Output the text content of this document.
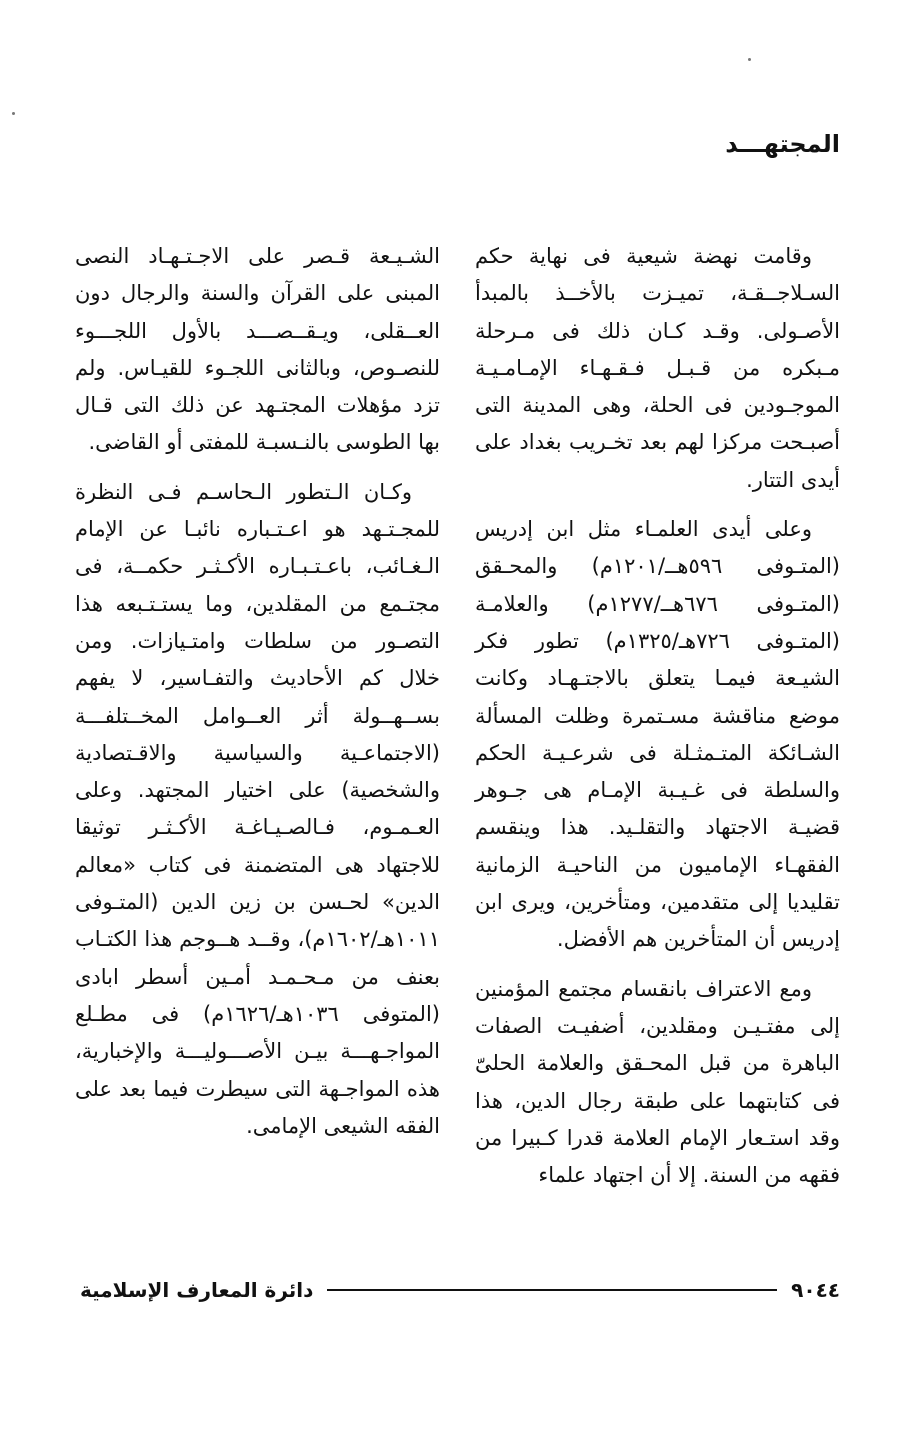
المجتهـــد

وقامت نهضة شيعية فى نهاية حكم السـلاجــقـة، تميـزت بالأخــذ بالمبدأ الأصـولى. وقـد كـان ذلك فى مـرحلة مـبكره من قـبـل فـقـهـاء الإمـامـيـة الموجـودين فى الحلة، وهى المدينة التى أصبـحت مركزا لهم بعد تخـريب بغداد على أيدى التتار.

وعلى أيدى العلمـاء مثل ابن إدريس (المتـوفى ٥٩٦هــ/١٢٠١م) والمحـقق (المتـوفى ٦٧٦هــ/١٢٧٧م) والعلامـة (المتـوفى ٧٢٦هـ/١٣٢٥م) تطور فكر الشيـعة فيمـا يتعلق بالاجتـهـاد وكانت موضع مناقشة مسـتمرة وظلت المسألة الشـائكة المتـمثـلة فى شرعـيـة الحكم والسلطة فى غـيـبة الإمـام هى جـوهر قضيـة الاجتهاد والتقلـيد. هذا وينقسم الفقهـاء الإماميون من الناحيـة الزمانية تقليديا إلى متقدمين، ومتأخرين، ويرى ابن إدريس أن المتأخرين هم الأفضل.

ومع الاعتراف بانقسام مجتمع المؤمنين إلى مفتـيـن ومقلدين، أضفيـت الصفات الباهرة من قبل المحـقق والعلامة الحلىّ فى كتابتهما على طبقة رجال الدين، هذا وقد استـعار الإمام العلامة قدرا كـبيرا من فقهه من السنة. إلا أن اجتهاد علماء

الشـيـعة قـصر على الاجـتـهـاد النصى المبنى على القرآن والسنة والرجال دون العــقلى، ويـقــصـــد بالأول اللجـــوء للنصـوص، وبالثانى اللجـوء للقيـاس. ولم تزد مؤهلات المجتـهد عن ذلك التى قـال بها الطوسى بالنـسبـة للمفتى أو القاضى.

وكـان الـتطور الـحاسـم فـى النظرة للمجـتـهد هو اعـتـباره نائبـا عن الإمام الـغـائب، باعـتـبـاره الأكـثـر حكمــة، فى مجتـمع من المقلدين، وما يستـتـبعه هذا التصـور من سلطات وامتـيازات. ومن خلال كم الأحاديث والتفـاسير، لا يفهم بســهــولة أثر العــوامل المخــتلفـــة (الاجتماعـية والسياسية والاقـتصادية والشخصية) على اختيار المجتهد. وعلى العـمـوم، فـالصـيـاغـة الأكـثـر توثيقا للاجتهاد هى المتضمنة فى كتاب «معالم الدين» لحـسن بن زين الدين (المتـوفى ١٠١١هـ/١٦٠٢م)، وقــد هــوجم هذا الكتـاب بعنف من مـحـمـد أمـين أسطر ابادى (المتوفى ١٠٣٦هـ/١٦٢٦م) فى مطـلع المواجـهـــة بيـن الأصـــوليـــة والإخبارية، هذه المواجـهة التى سيطرت فيما بعد على الفقه الشيعى الإمامى.

٩٠٤٤
دائرة المعارف الإسلامية
